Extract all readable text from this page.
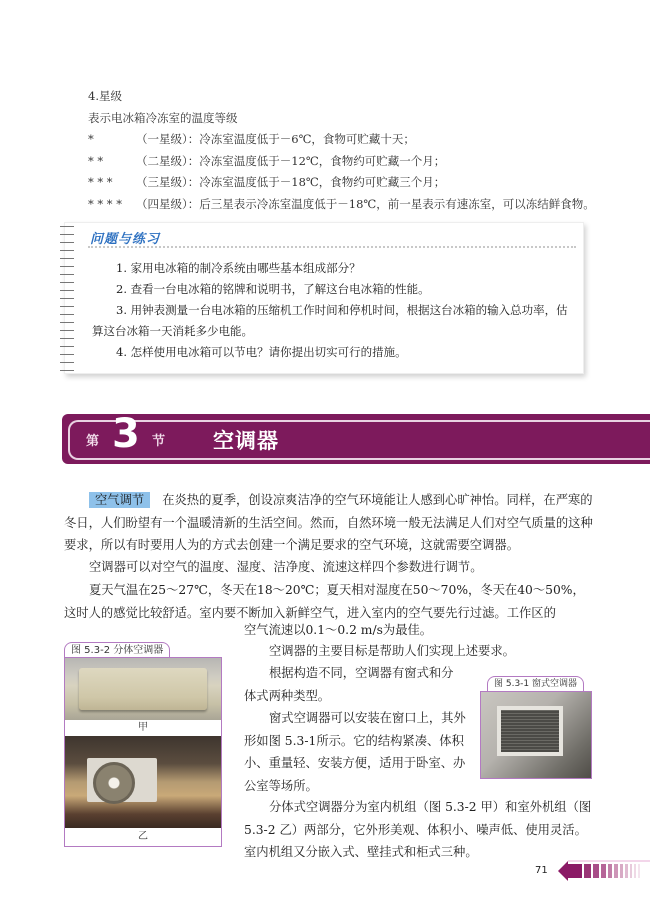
4.星级
表示电冰箱冷冻室的温度等级
*	（一星级）：冷冻室温度低于－6℃，食物可贮藏十天；
* *	（二星级）：冷冻室温度低于－12℃，食物约可贮藏一个月；
* * *	（三星级）：冷冻室温度低于－18℃，食物约可贮藏三个月；
* * * *	（四星级）：后三星表示冷冻室温度低于－18℃，前一星表示有速冻室，可以冻结鲜食物。
问题与练习
1. 家用电冰箱的制冷系统由哪些基本组成部分？
2. 查看一台电冰箱的铭牌和说明书，了解这台电冰箱的性能。
3. 用钟表测量一台电冰箱的压缩机工作时间和停机时间，根据这台冰箱的输入总功率，估算这台冰箱一天消耗多少电能。
4. 怎样使用电冰箱可以节电？请你提出切实可行的措施。
第 3 节 空调器
空气调节 在炎热的夏季，创设凉爽洁净的空气环境能让人感到心旷神怡。同样，在严寒的冬日，人们盼望有一个温暖清新的生活空间。然而，自然环境一般无法满足人们对空气质量的这种要求，所以有时要用人为的方式去创建一个满足要求的空气环境，这就需要空调器。
空调器可以对空气的温度、湿度、洁净度、流速这样四个参数进行调节。
夏天气温在25～27℃，冬天在18～20℃；夏天相对湿度在50～70%，冬天在40～50%，这时人的感觉比较舒适。室内要不断加入新鲜空气，进入室内的空气要先行过滤。工作区的
空气流速以0.1～0.2 m/s为最佳。
图 5.3-2 分体空调器
甲
乙
空调器的主要目标是帮助人们实现上述要求。
根据构造不同，空调器有窗式和分体式两种类型。
窗式空调器可以安装在窗口上，其外形如图 5.3-1所示。它的结构紧凑、体积小、重量轻、安装方便，适用于卧室、办公室等场所。
分体式空调器分为室内机组（图 5.3-2 甲）和室外机组（图 5.3-2 乙）两部分，它外形美观、体积小、噪声低、使用灵活。室内机组又分嵌入式、壁挂式和柜式三种。
图 5.3-1 窗式空调器
71
